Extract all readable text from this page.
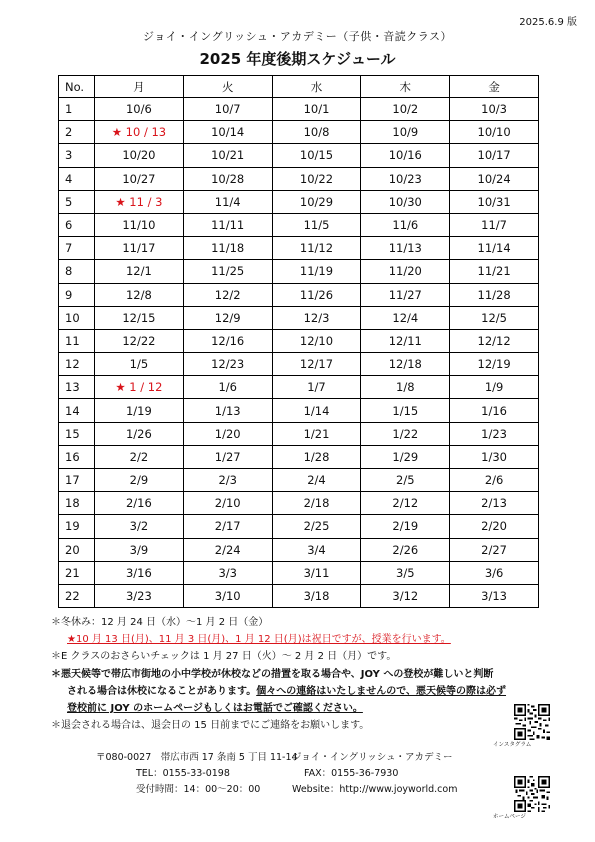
2025.6.9 版
ジョイ・イングリッシュ・アカデミー（子供・音読クラス）
2025 年度後期スケジュール
No.	月	火	水	木	金
1	10/6	10/7	10/1	10/2	10/3
2	★ 10 / 13	10/14	10/8	10/9	10/10
3	10/20	10/21	10/15	10/16	10/17
4	10/27	10/28	10/22	10/23	10/24
5	★ 11 / 3	11/4	10/29	10/30	10/31
6	11/10	11/11	11/5	11/6	11/7
7	11/17	11/18	11/12	11/13	11/14
8	12/1	11/25	11/19	11/20	11/21
9	12/8	12/2	11/26	11/27	11/28
10	12/15	12/9	12/3	12/4	12/5
11	12/22	12/16	12/10	12/11	12/12
12	1/5	12/23	12/17	12/18	12/19
13	★ 1 / 12	1/6	1/7	1/8	1/9
14	1/19	1/13	1/14	1/15	1/16
15	1/26	1/20	1/21	1/22	1/23
16	2/2	1/27	1/28	1/29	1/30
17	2/9	2/3	2/4	2/5	2/6
18	2/16	2/10	2/18	2/12	2/13
19	3/2	2/17	2/25	2/19	2/20
20	3/9	2/24	3/4	2/26	2/27
21	3/16	3/3	3/11	3/5	3/6
22	3/23	3/10	3/18	3/12	3/13
＊冬休み：12 月 24 日（水）～1 月 2 日（金）
★10 月 13 日(月)、11 月 3 日(月)、1 月 12 日(月)は祝日ですが、授業を行います。
＊E クラスのおさらいチェックは 1 月 27 日（火）～ 2 月 2 日（月）です。
＊悪天候等で帯広市街地の小中学校が休校などの措置を取る場合や、JOY への登校が難しいと判断
される場合は休校になることがあります。個々への連絡はいたしませんので、悪天候等の際は必ず
登校前に JOY のホームページもしくはお電話でご確認ください。
＊退会される場合は、退会日の 15 日前までにご連絡をお願いします。
インスタグラム
ホームページ
〒080-0027　帯広市西 17 条南 5 丁目 11-14ジョイ・イングリッシュ・アカデミー
TEL：0155-33-0198	FAX：0155-36-7930
受付時間：14：00～20：00	Website：http://www.joyworld.com
